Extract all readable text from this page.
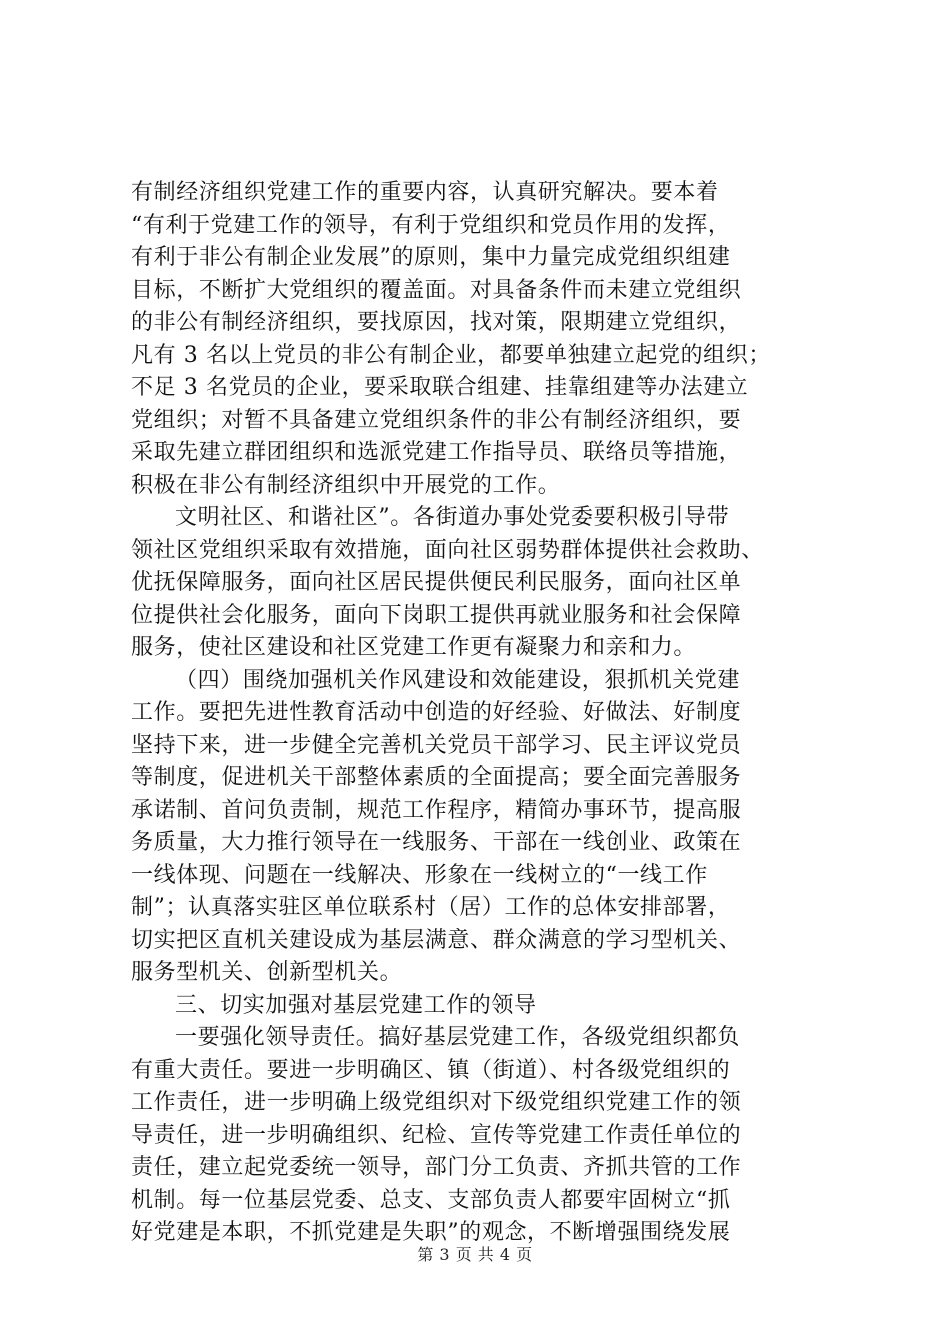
有制经济组织党建工作的重要内容，认真研究解决。要本着
“有利于党建工作的领导，有利于党组织和党员作用的发挥，
有利于非公有制企业发展”的原则，集中力量完成党组织组建
目标，不断扩大党组织的覆盖面。对具备条件而未建立党组织
的非公有制经济组织，要找原因，找对策，限期建立党组织，
凡有 3 名以上党员的非公有制企业，都要单独建立起党的组织；
不足 3 名党员的企业，要采取联合组建、挂靠组建等办法建立
党组织；对暂不具备建立党组织条件的非公有制经济组织，要
采取先建立群团组织和选派党建工作指导员、联络员等措施，
积极在非公有制经济组织中开展党的工作。
文明社区、和谐社区”。各街道办事处党委要积极引导带
领社区党组织采取有效措施，面向社区弱势群体提供社会救助、
优抚保障服务，面向社区居民提供便民利民服务，面向社区单
位提供社会化服务，面向下岗职工提供再就业服务和社会保障
服务，使社区建设和社区党建工作更有凝聚力和亲和力。
（四）围绕加强机关作风建设和效能建设，狠抓机关党建
工作。要把先进性教育活动中创造的好经验、好做法、好制度
坚持下来，进一步健全完善机关党员干部学习、民主评议党员
等制度，促进机关干部整体素质的全面提高；要全面完善服务
承诺制、首问负责制，规范工作程序，精简办事环节，提高服
务质量，大力推行领导在一线服务、干部在一线创业、政策在
一线体现、问题在一线解决、形象在一线树立的“一线工作
制”；认真落实驻区单位联系村（居）工作的总体安排部署，
切实把区直机关建设成为基层满意、群众满意的学习型机关、
服务型机关、创新型机关。
三、切实加强对基层党建工作的领导
一要强化领导责任。搞好基层党建工作，各级党组织都负
有重大责任。要进一步明确区、镇（街道）、村各级党组织的
工作责任，进一步明确上级党组织对下级党组织党建工作的领
导责任，进一步明确组织、纪检、宣传等党建工作责任单位的
责任，建立起党委统一领导，部门分工负责、齐抓共管的工作
机制。每一位基层党委、总支、支部负责人都要牢固树立“抓
好党建是本职，不抓党建是失职”的观念，不断增强围绕发展
第 3 页 共 4 页
